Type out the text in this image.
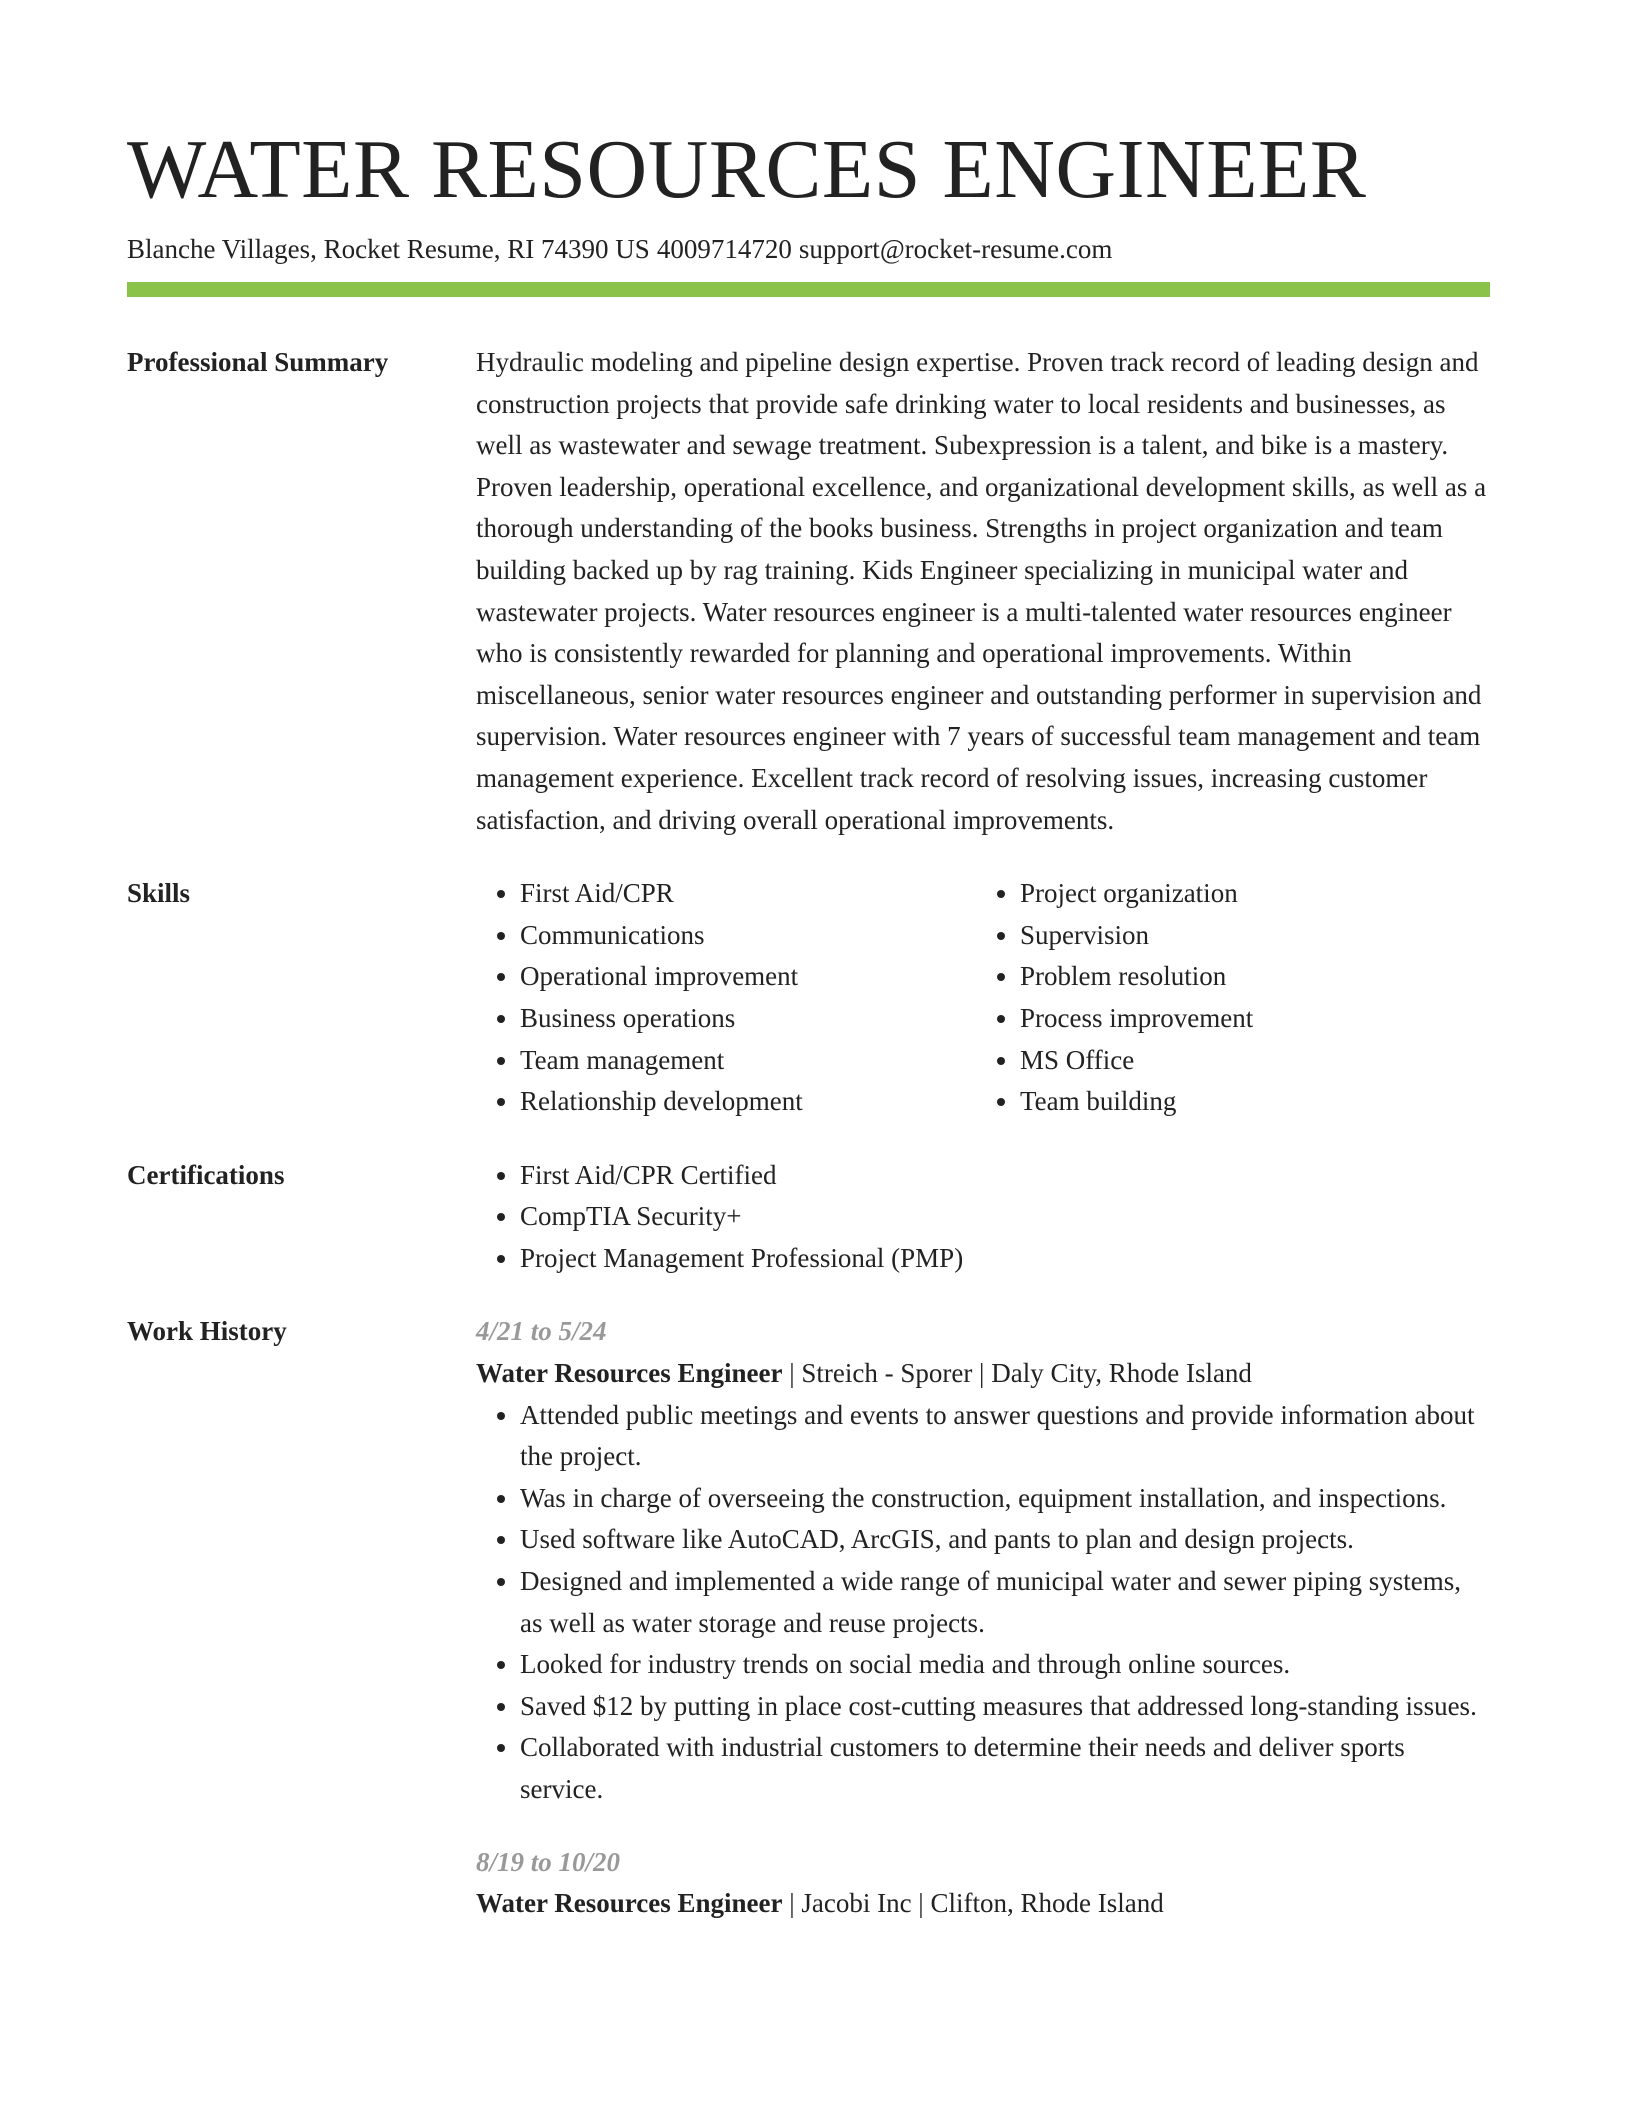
WATER RESOURCES ENGINEER
Blanche Villages, Rocket Resume, RI 74390 US 4009714720 support@rocket-resume.com
Professional Summary	Hydraulic modeling and pipeline design expertise. Proven track record of leading design and construction projects that provide safe drinking water to local residents and businesses, as well as wastewater and sewage treatment. Subexpression is a talent, and bike is a mastery. Proven leadership, operational excellence, and organizational development skills, as well as a thorough understanding of the books business. Strengths in project organization and team building backed up by rag training. Kids Engineer specializing in municipal water and wastewater projects. Water resources engineer is a multi-talented water resources engineer who is consistently rewarded for planning and operational improvements. Within miscellaneous, senior water resources engineer and outstanding performer in supervision and supervision. Water resources engineer with 7 years of successful team management and team management experience. Excellent track record of resolving issues, increasing customer satisfaction, and driving overall operational improvements.

Skills	• First Aid/CPR
• Communications
• Operational improvement
• Business operations
• Team management
• Relationship development
• Project organization
• Supervision
• Problem resolution
• Process improvement
• MS Office
• Team building
Certifications	• First Aid/CPR Certified
• CompTIA Security+
• Project Management Professional (PMP)
Work History	4/21 to 5/24
Water Resources Engineer | Streich - Sporer | Daly City, Rhode Island
• Attended public meetings and events to answer questions and provide information about the project.
• Was in charge of overseeing the construction, equipment installation, and inspections.
• Used software like AutoCAD, ArcGIS, and pants to plan and design projects.
• Designed and implemented a wide range of municipal water and sewer piping systems, as well as water storage and reuse projects.
• Looked for industry trends on social media and through online sources.
• Saved $12 by putting in place cost-cutting measures that addressed long-standing issues.
• Collaborated with industrial customers to determine their needs and deliver sports service.
8/19 to 10/20
Water Resources Engineer | Jacobi Inc | Clifton, Rhode Island
